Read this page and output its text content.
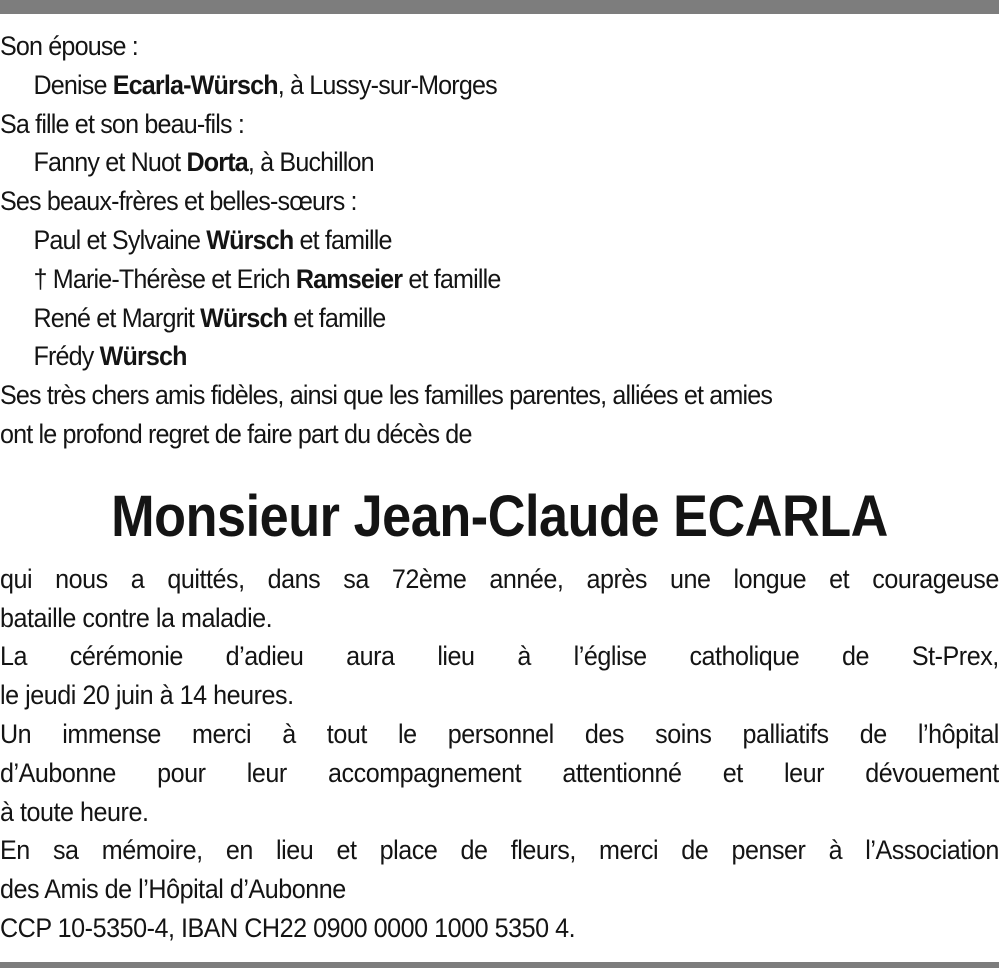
Son épouse :
Denise Ecarla-Würsch, à Lussy-sur-Morges
Sa fille et son beau-fils :
Fanny et Nuot Dorta, à Buchillon
Ses beaux-frères et belles-sœurs :
Paul et Sylvaine Würsch et famille
† Marie-Thérèse et Erich Ramseier et famille
René et Margrit Würsch et famille
Frédy Würsch
Ses très chers amis fidèles, ainsi que les familles parentes, alliées et amies
ont le profond regret de faire part du décès de
Monsieur Jean-Claude ECARLA
qui nous a quittés, dans sa 72ème année, après une longue et courageuse
bataille contre la maladie.
La cérémonie d’adieu aura lieu à l’église catholique de St-Prex,
le jeudi 20 juin à 14 heures.
Un immense merci à tout le personnel des soins palliatifs de l’hôpital
d’Aubonne pour leur accompagnement attentionné et leur dévouement
à toute heure.
En sa mémoire, en lieu et place de fleurs, merci de penser à l’Association
des Amis de l’Hôpital d’Aubonne
CCP 10-5350-4, IBAN CH22 0900 0000 1000 5350 4.
